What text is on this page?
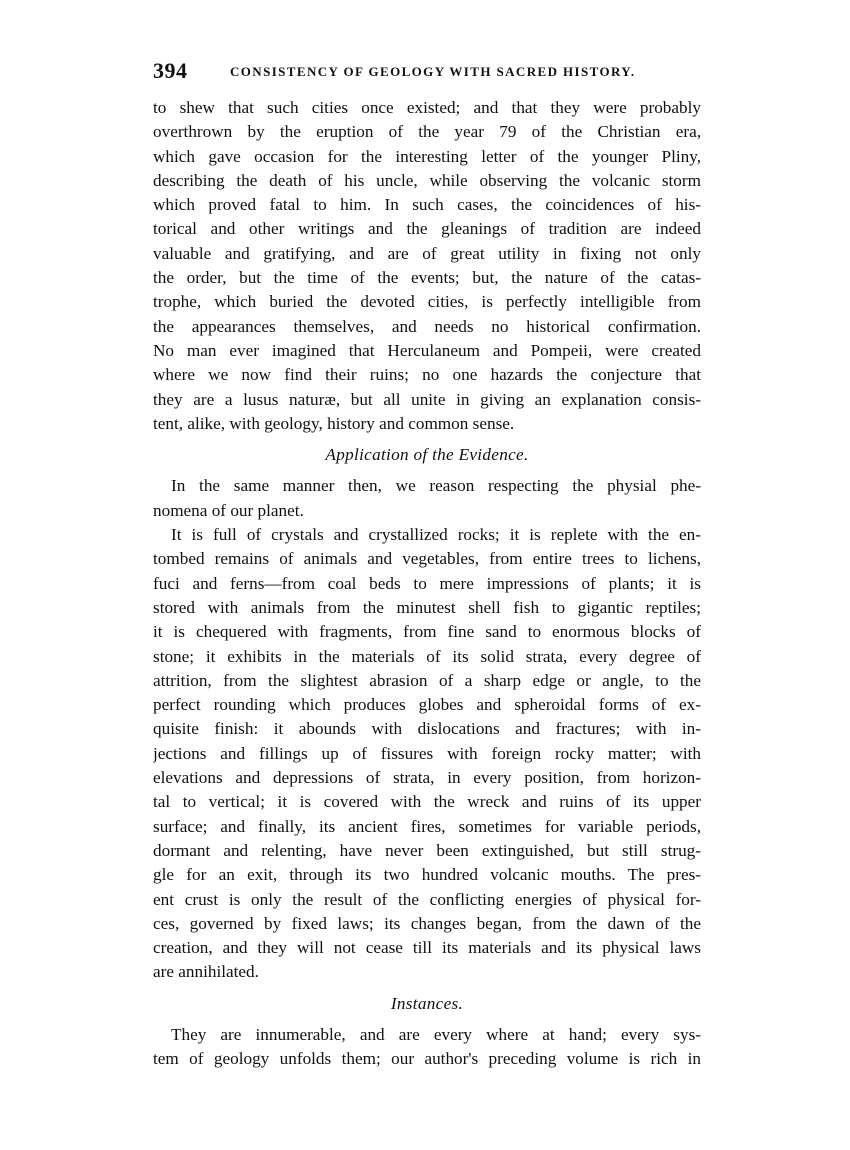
394	CONSISTENCY OF GEOLOGY WITH SACRED HISTORY.
to shew that such cities once existed; and that they were probably
overthrown by the eruption of the year 79 of the Christian era,
which gave occasion for the interesting letter of the younger Pliny,
describing the death of his uncle, while observing the volcanic storm
which proved fatal to him. In such cases, the coincidences of his-
torical and other writings and the gleanings of tradition are indeed
valuable and gratifying, and are of great utility in fixing not only
the order, but the time of the events; but, the nature of the catas-
trophe, which buried the devoted cities, is perfectly intelligible from
the appearances themselves, and needs no historical confirmation.
No man ever imagined that Herculaneum and Pompeii, were created
where we now find their ruins; no one hazards the conjecture that
they are a lusus naturæ, but all unite in giving an explanation consis-
tent, alike, with geology, history and common sense.
Application of the Evidence.
In the same manner then, we reason respecting the physial phe-
nomena of our planet.
It is full of crystals and crystallized rocks; it is replete with the en-
tombed remains of animals and vegetables, from entire trees to lichens,
fuci and ferns—from coal beds to mere impressions of plants; it is
stored with animals from the minutest shell fish to gigantic reptiles;
it is chequered with fragments, from fine sand to enormous blocks of
stone; it exhibits in the materials of its solid strata, every degree of
attrition, from the slightest abrasion of a sharp edge or angle, to the
perfect rounding which produces globes and spheroidal forms of ex-
quisite finish: it abounds with dislocations and fractures; with in-
jections and fillings up of fissures with foreign rocky matter; with
elevations and depressions of strata, in every position, from horizon-
tal to vertical; it is covered with the wreck and ruins of its upper
surface; and finally, its ancient fires, sometimes for variable periods,
dormant and relenting, have never been extinguished, but still strug-
gle for an exit, through its two hundred volcanic mouths. The pres-
ent crust is only the result of the conflicting energies of physical for-
ces, governed by fixed laws; its changes began, from the dawn of the
creation, and they will not cease till its materials and its physical laws
are annihilated.
Instances.
They are innumerable, and are every where at hand; every sys-
tem of geology unfolds them; our author's preceding volume is rich in
